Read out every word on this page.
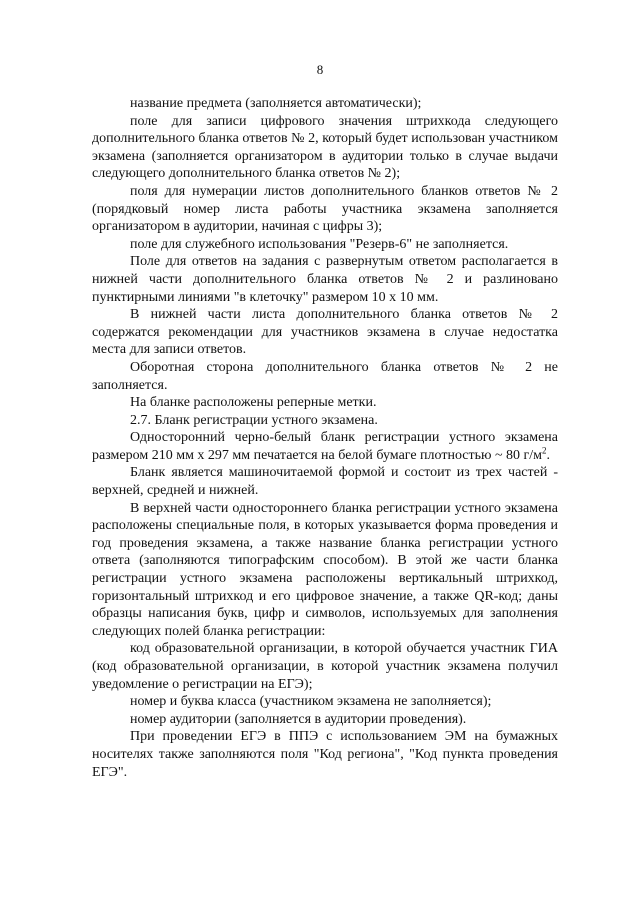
8

название предмета (заполняется автоматически);

поле для записи цифрового значения штрихкода следующего дополнительного бланка ответов № 2, который будет использован участником экзамена (заполняется организатором в аудитории только в случае выдачи следующего дополнительного бланка ответов № 2);

поля для нумерации листов дополнительного бланков ответов № 2 (порядковый номер листа работы участника экзамена заполняется организатором в аудитории, начиная с цифры 3);

поле для служебного использования "Резерв-6" не заполняется.

Поле для ответов на задания с развернутым ответом располагается в нижней части дополнительного бланка ответов № 2 и разлиновано пунктирными линиями "в клеточку" размером 10 x 10 мм.

В нижней части листа дополнительного бланка ответов № 2 содержатся рекомендации для участников экзамена в случае недостатка места для записи ответов.

Оборотная сторона дополнительного бланка ответов № 2 не заполняется.

На бланке расположены реперные метки.

2.7. Бланк регистрации устного экзамена.

Односторонний черно-белый бланк регистрации устного экзамена размером 210 мм x 297 мм печатается на белой бумаге плотностью ~ 80 $г/м^2$.

Бланк является машиночитаемой формой и состоит из трех частей - верхней, средней и нижней.

В верхней части одностороннего бланка регистрации устного экзамена расположены специальные поля, в которых указывается форма проведения и год проведения экзамена, а также название бланка регистрации устного ответа (заполняются типографским способом). В этой же части бланка регистрации устного экзамена расположены вертикальный штрихкод, горизонтальный штрихкод и его цифровое значение, а также QR-код; даны образцы написания букв, цифр и символов, используемых для заполнения следующих полей бланка регистрации:

код образовательной организации, в которой обучается участник ГИА (код образовательной организации, в которой участник экзамена получил уведомление о регистрации на ЕГЭ);

номер и буква класса (участником экзамена не заполняется);

номер аудитории (заполняется в аудитории проведения).

При проведении ЕГЭ в ППЭ с использованием ЭМ на бумажных носителях также заполняются поля "Код региона", "Код пункта проведения ЕГЭ".
